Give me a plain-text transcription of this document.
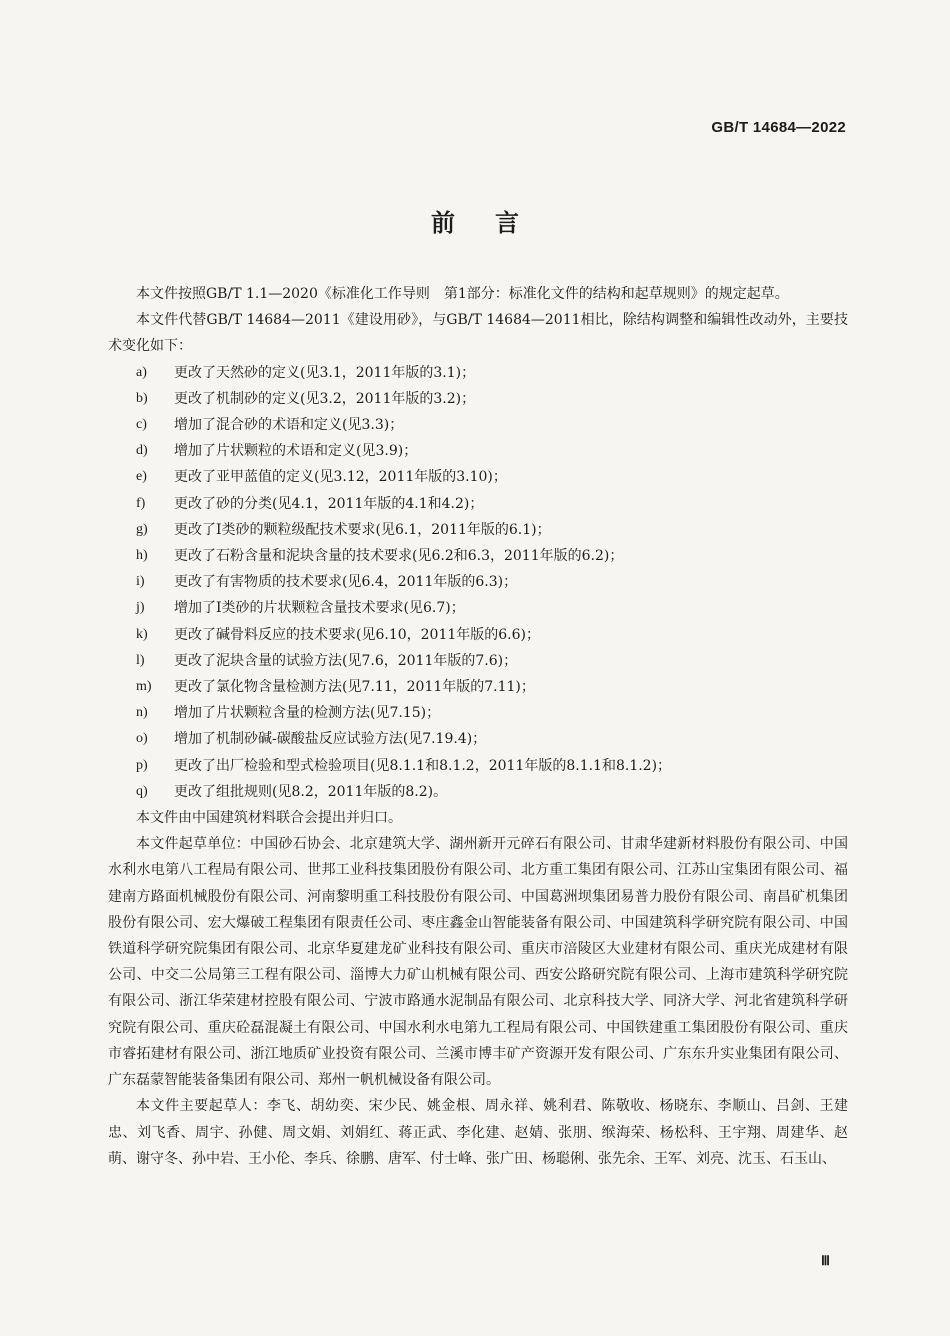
GB/T 14684—2022
前言

本文件按照GB/T 1.1—2020《标准化工作导则　第1部分：标准化文件的结构和起草规则》的规定起草。

本文件代替GB/T 14684—2011《建设用砂》，与GB/T 14684—2011相比，除结构调整和编辑性改动外，主要技术变化如下：

a)	更改了天然砂的定义(见3.1，2011年版的3.1)；
b)	更改了机制砂的定义(见3.2，2011年版的3.2)；
c)	增加了混合砂的术语和定义(见3.3)；
d)	增加了片状颗粒的术语和定义(见3.9)；
e)	更改了亚甲蓝值的定义(见3.12，2011年版的3.10)；
f)	更改了砂的分类(见4.1，2011年版的4.1和4.2)；
g)	更改了Ⅰ类砂的颗粒级配技术要求(见6.1，2011年版的6.1)；
h)	更改了石粉含量和泥块含量的技术要求(见6.2和6.3，2011年版的6.2)；
i)	更改了有害物质的技术要求(见6.4，2011年版的6.3)；
j)	增加了Ⅰ类砂的片状颗粒含量技术要求(见6.7)；
k)	更改了碱骨料反应的技术要求(见6.10，2011年版的6.6)；
l)	更改了泥块含量的试验方法(见7.6，2011年版的7.6)；
m)	更改了氯化物含量检测方法(见7.11，2011年版的7.11)；
n)	增加了片状颗粒含量的检测方法(见7.15)；
o)	增加了机制砂碱-碳酸盐反应试验方法(见7.19.4)；
p)	更改了出厂检验和型式检验项目(见8.1.1和8.1.2，2011年版的8.1.1和8.1.2)；
q)	更改了组批规则(见8.2，2011年版的8.2)。

本文件由中国建筑材料联合会提出并归口。

本文件起草单位：中国砂石协会、北京建筑大学、湖州新开元碎石有限公司、甘肃华建新材料股份有限公司、中国水利水电第八工程局有限公司、世邦工业科技集团股份有限公司、北方重工集团有限公司、江苏山宝集团有限公司、福建南方路面机械股份有限公司、河南黎明重工科技股份有限公司、中国葛洲坝集团易普力股份有限公司、南昌矿机集团股份有限公司、宏大爆破工程集团有限责任公司、枣庄鑫金山智能装备有限公司、中国建筑科学研究院有限公司、中国铁道科学研究院集团有限公司、北京华夏建龙矿业科技有限公司、重庆市涪陵区大业建材有限公司、重庆光成建材有限公司、中交二公局第三工程有限公司、淄博大力矿山机械有限公司、西安公路研究院有限公司、上海市建筑科学研究院有限公司、浙江华荣建材控股有限公司、宁波市路通水泥制品有限公司、北京科技大学、同济大学、河北省建筑科学研究院有限公司、重庆砼磊混凝土有限公司、中国水利水电第九工程局有限公司、中国铁建重工集团股份有限公司、重庆市睿拓建材有限公司、浙江地质矿业投资有限公司、兰溪市博丰矿产资源开发有限公司、广东东升实业集团有限公司、广东磊蒙智能装备集团有限公司、郑州一帆机械设备有限公司。

本文件主要起草人：李飞、胡幼奕、宋少民、姚金根、周永祥、姚利君、陈敬收、杨晓东、李顺山、吕剑、王建忠、刘飞香、周宇、孙健、周文娟、刘娟红、蒋正武、李化建、赵婧、张朋、缑海荣、杨松科、王宇翔、周建华、赵萌、谢守冬、孙中岩、王小伦、李兵、徐鹏、唐军、付士峰、张广田、杨聪俐、张先余、王军、刘亮、沈玉、石玉山、

Ⅲ
